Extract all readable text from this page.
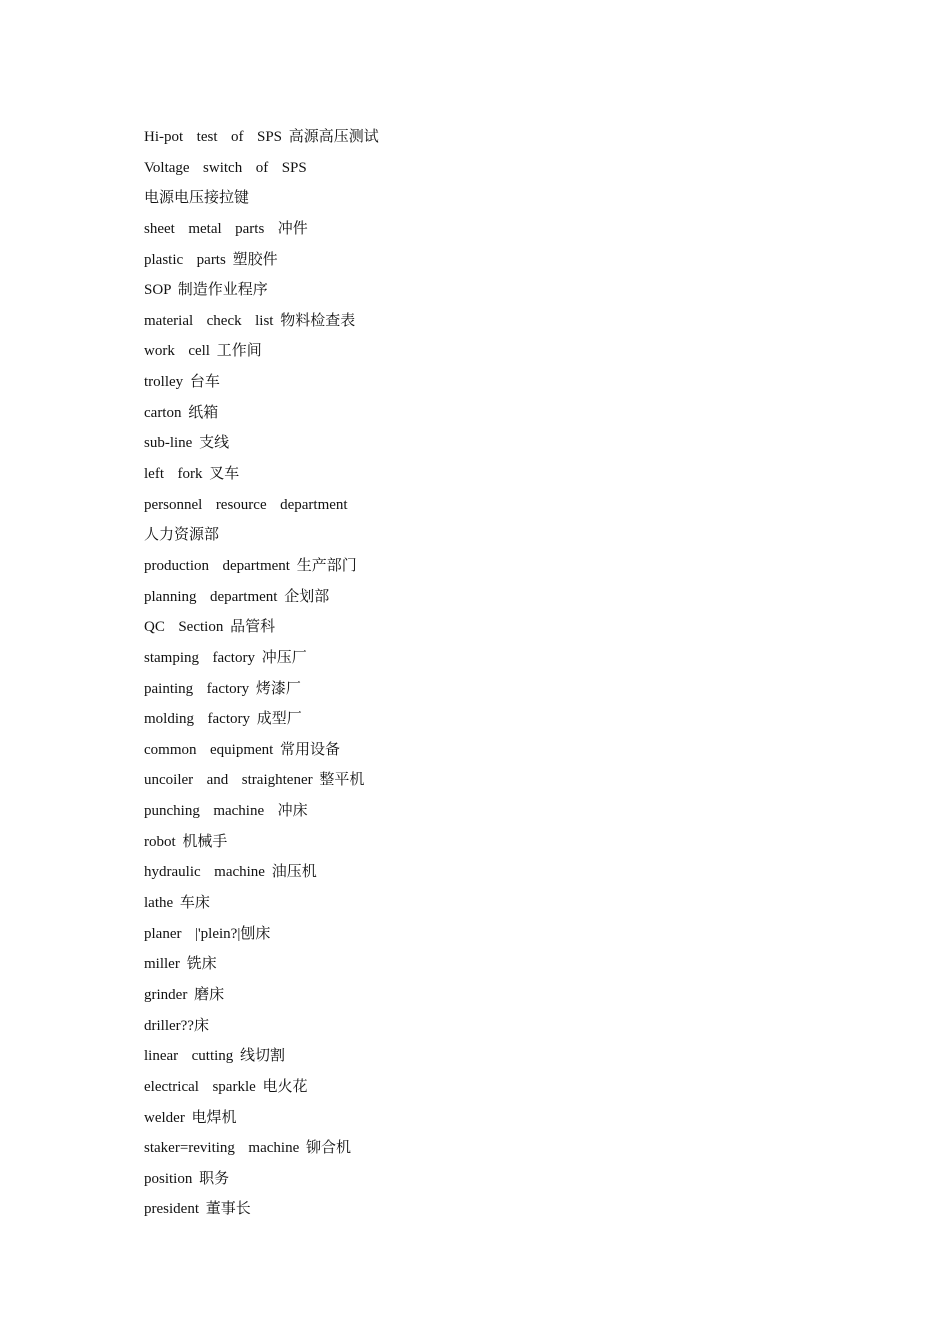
Hi-pot  test  of  SPS 高源高压测试
Voltage  switch  of  SPS
电源电压接拉键
sheet  metal  parts  冲件
plastic  parts 塑胶件
SOP 制造作业程序
material  check  list 物料检查表
work  cell 工作间
trolley 台车
carton 纸箱
sub-line 支线
left  fork 叉车
personnel  resource  department
人力资源部
production  department 生产部门
planning  department 企划部
QC  Section 品管科
stamping  factory 冲压厂
painting  factory 烤漆厂
molding  factory 成型厂
common  equipment 常用设备
uncoiler  and  straightener 整平机
punching  machine  冲床
robot 机械手
hydraulic  machine 油压机
lathe 车床
planer  |'plein?|刨床
miller 铣床
grinder 磨床
driller??床
linear  cutting 线切割
electrical  sparkle 电火花
welder 电焊机
staker=reviting  machine 铆合机
position 职务
president 董事长
